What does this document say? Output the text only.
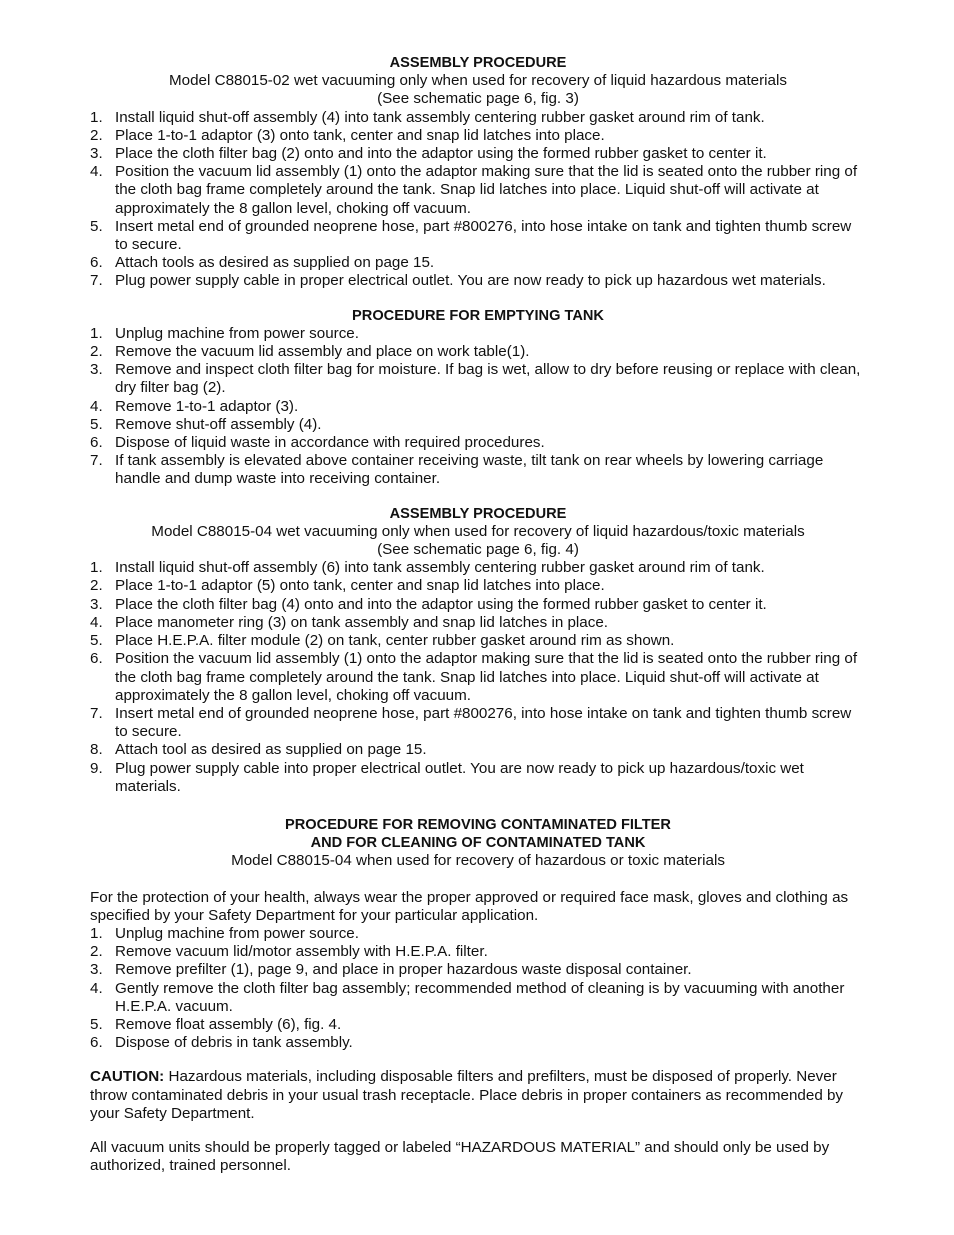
ASSEMBLY PROCEDURE
Model C88015-02 wet vacuuming only when used for recovery of liquid hazardous materials
(See schematic page 6, fig. 3)
1. Install liquid shut-off assembly (4) into tank assembly centering rubber gasket around rim of tank.
2. Place 1-to-1 adaptor (3) onto tank, center and snap lid latches into place.
3. Place the cloth filter bag (2) onto and into the adaptor using the formed rubber gasket to center it.
4. Position the vacuum lid assembly (1) onto the adaptor making sure that the lid is seated onto the rubber ring of the cloth bag frame completely around the tank. Snap lid latches into place. Liquid shut-off will activate at approximately the 8 gallon level, choking off vacuum.
5. Insert metal end of grounded neoprene hose, part #800276, into hose intake on tank and tighten thumb screw to secure.
6. Attach tools as desired as supplied on page 15.
7. Plug power supply cable in proper electrical outlet. You are now ready to pick up hazardous wet materials.
PROCEDURE FOR EMPTYING TANK
1. Unplug machine from power source.
2. Remove the vacuum lid assembly and place on work table(1).
3. Remove and inspect cloth filter bag for moisture. If bag is wet, allow to dry before reusing or replace with clean, dry filter bag (2).
4. Remove 1-to-1 adaptor (3).
5. Remove shut-off assembly (4).
6. Dispose of liquid waste in accordance with required procedures.
7. If tank assembly is elevated above container receiving waste, tilt tank on rear wheels by lowering carriage handle and dump waste into receiving container.
ASSEMBLY PROCEDURE
Model C88015-04 wet vacuuming only when used for recovery of liquid hazardous/toxic materials
(See schematic page 6, fig. 4)
1. Install liquid shut-off assembly (6) into tank assembly centering rubber gasket around rim of tank.
2. Place 1-to-1 adaptor (5) onto tank, center and snap lid latches into place.
3. Place the cloth filter bag (4) onto and into the adaptor using the formed rubber gasket to center it.
4. Place manometer ring (3) on tank assembly and snap lid latches in place.
5. Place H.E.P.A. filter module (2) on tank, center rubber gasket around rim as shown.
6. Position the vacuum lid assembly (1) onto the adaptor making sure that the lid is seated onto the rubber ring of the cloth bag frame completely around the tank. Snap lid latches into place. Liquid shut-off will activate at approximately the 8 gallon level, choking off vacuum.
7. Insert metal end of grounded neoprene hose, part #800276, into hose intake on tank and tighten thumb screw to secure.
8. Attach tool as desired as supplied on page 15.
9. Plug power supply cable into proper electrical outlet. You are now ready to pick up hazardous/toxic wet materials.
PROCEDURE FOR REMOVING CONTAMINATED FILTER
AND FOR CLEANING OF CONTAMINATED TANK
Model C88015-04 when used for recovery of hazardous or toxic materials
For the protection of your health, always wear the proper approved or required face mask, gloves and clothing as specified by your Safety Department for your particular application.
1. Unplug machine from power source.
2. Remove vacuum lid/motor assembly with H.E.P.A. filter.
3. Remove prefilter (1), page 9, and place in proper hazardous waste disposal container.
4. Gently remove the cloth filter bag assembly; recommended method of cleaning is by vacuuming with another H.E.P.A. vacuum.
5. Remove float assembly (6), fig. 4.
6. Dispose of debris in tank assembly.
CAUTION: Hazardous materials, including disposable filters and prefilters, must be disposed of properly. Never throw contaminated debris in your usual trash receptacle. Place debris in proper containers as recommended by your Safety Department.
All vacuum units should be properly tagged or labeled “HAZARDOUS MATERIAL” and should only be used by authorized, trained personnel.
